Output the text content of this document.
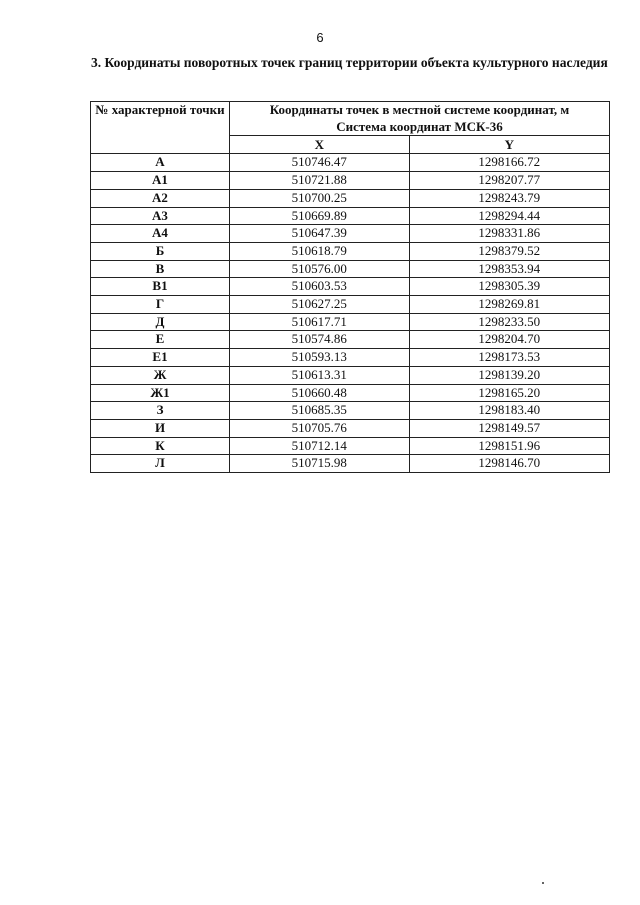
6
3. Координаты поворотных точек границ территории объекта культурного наследия
№ характерной точки	Координаты точек в местной системе координат, м
Система координат МСК-36	

	X	Y
А	510746.47	1298166.72
А1	510721.88	1298207.77
А2	510700.25	1298243.79
А3	510669.89	1298294.44
А4	510647.39	1298331.86
Б	510618.79	1298379.52
В	510576.00	1298353.94
В1	510603.53	1298305.39
Г	510627.25	1298269.81
Д	510617.71	1298233.50
Е	510574.86	1298204.70
Е1	510593.13	1298173.53
Ж	510613.31	1298139.20
Ж1	510660.48	1298165.20
З	510685.35	1298183.40
И	510705.76	1298149.57
К	510712.14	1298151.96
Л	510715.98	1298146.70
